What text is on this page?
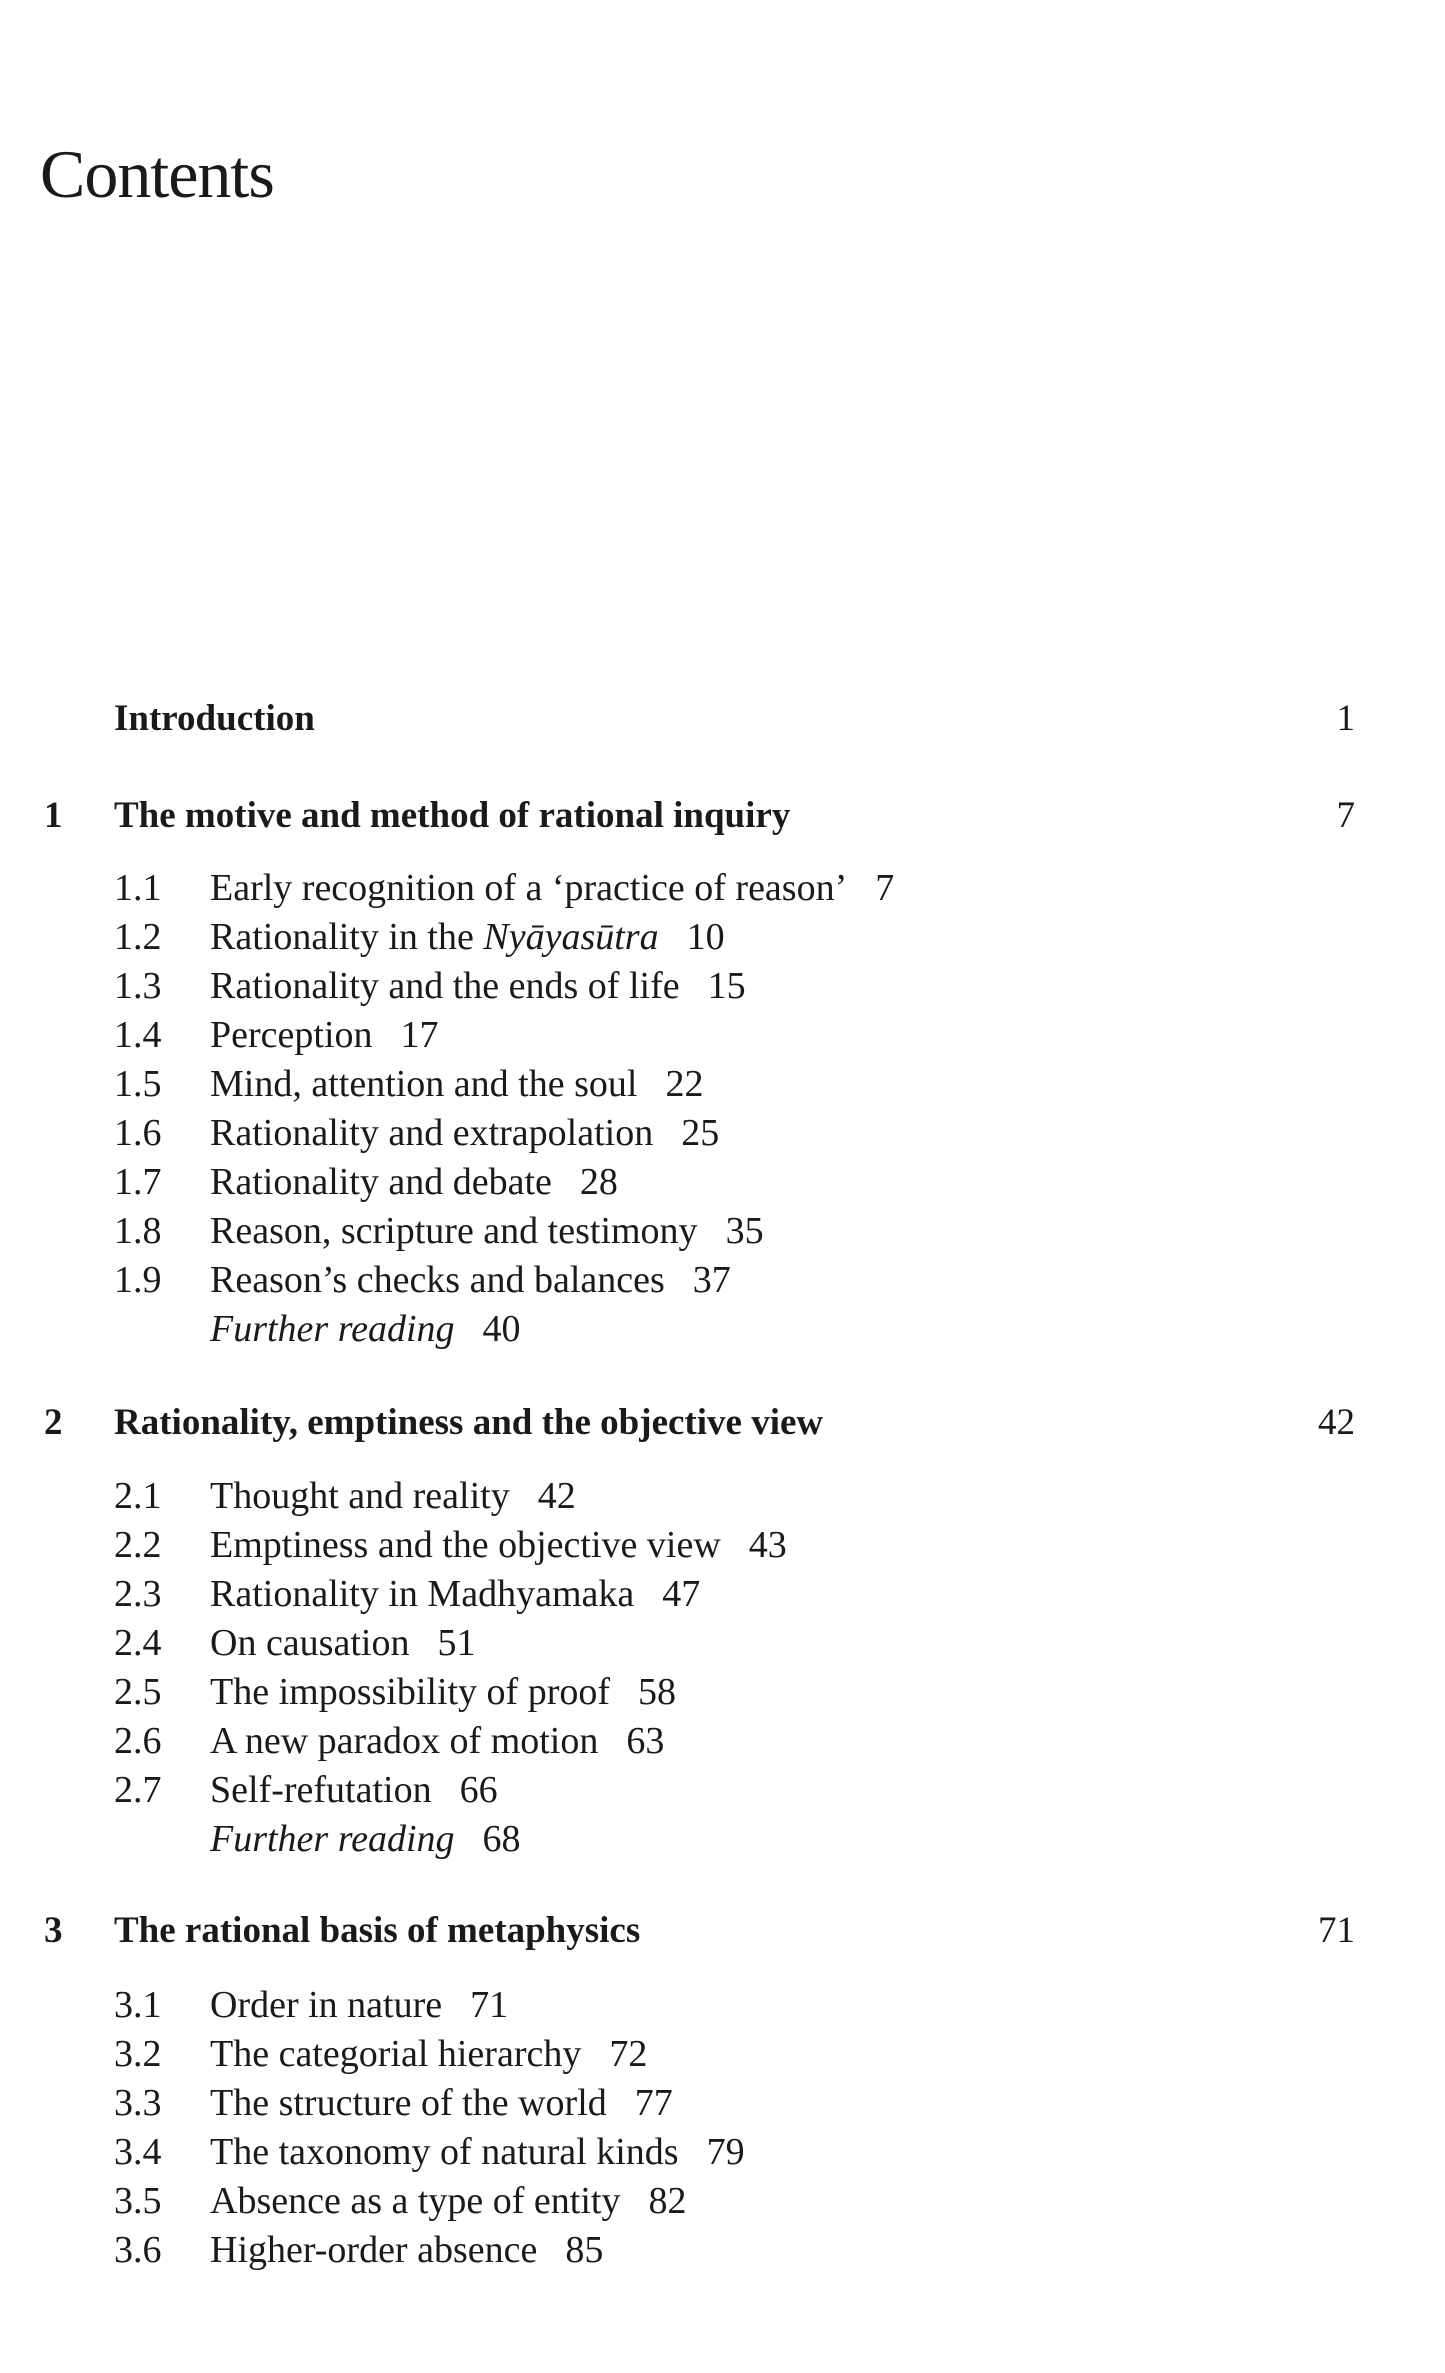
Contents
Introduction	1
1 The motive and method of rational inquiry	7
1.1	Early recognition of a ‘practice of reason’ 7
1.2	Rationality in the Nyāyasūtra 10
1.3	Rationality and the ends of life 15
1.4	Perception 17
1.5	Mind, attention and the soul 22
1.6	Rationality and extrapolation 25
1.7	Rationality and debate 28
1.8	Reason, scripture and testimony 35
1.9	Reason’s checks and balances 37
Further reading 40
2 Rationality, emptiness and the objective view	42
2.1	Thought and reality 42
2.2	Emptiness and the objective view 43
2.3	Rationality in Madhyamaka 47
2.4	On causation 51
2.5	The impossibility of proof 58
2.6	A new paradox of motion 63
2.7	Self-refutation 66
Further reading 68
3 The rational basis of metaphysics	71
3.1	Order in nature 71
3.2	The categorial hierarchy 72
3.3	The structure of the world 77
3.4	The taxonomy of natural kinds 79
3.5	Absence as a type of entity 82
3.6	Higher-order absence 85
